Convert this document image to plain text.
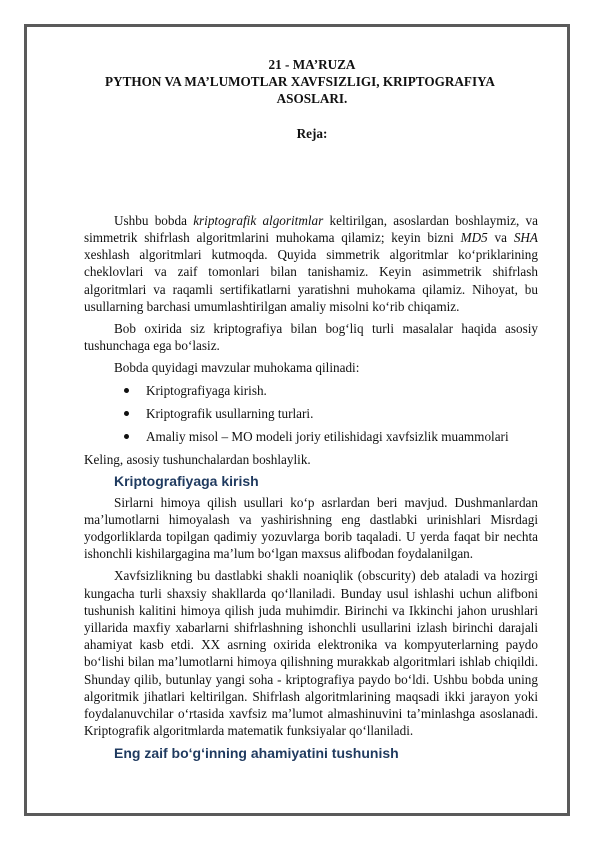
21 - MA’RUZA
PYTHON VA MA’LUMOTLAR XAVFSIZLIGI, KRIPTOGRAFIYA
ASOSLARI.
Reja:

Ushbu bobda kriptografik algoritmlar keltirilgan, asoslardan boshlaymiz, va simmetrik shifrlash algoritmlarini muhokama qilamiz; keyin bizni MD5 va SHA xeshlash algoritmlari kutmoqda. Quyida simmetrik algoritmlar ko‘priklarining cheklovlari va zaif tomonlari bilan tanishamiz. Keyin asimmetrik shifrlash algoritmlari va raqamli sertifikatlarni yaratishni muhokama qilamiz. Nihoyat, bu usullarning barchasi umumlashtirilgan amaliy misolni ko‘rib chiqamiz.

Bob oxirida siz kriptografiya bilan bog‘liq turli masalalar haqida asosiy tushunchaga ega bo‘lasiz.

Bobda quyidagi mavzular muhokama qilinadi:

Kriptografiyaga kirish.
Kriptografik usullarning turlari.
Amaliy misol – MO modeli joriy etilishidagi xavfsizlik muammolari

Keling, asosiy tushunchalardan boshlaylik.

Kriptografiyaga kirish

Sirlarni himoya qilish usullari ko‘p asrlardan beri mavjud. Dushmanlardan ma’lumotlarni himoyalash va yashirishning eng dastlabki urinishlari Misrdagi yodgorliklarda topilgan qadimiy yozuvlarga borib taqaladi. U yerda faqat bir nechta ishonchli kishilargagina ma’lum bo‘lgan maxsus alifbodan foydalanilgan.

Xavfsizlikning bu dastlabki shakli noaniqlik (obscurity) deb ataladi va hozirgi kungacha turli shaxsiy shakllarda qo‘llaniladi. Bunday usul ishlashi uchun alifboni tushunish kalitini himoya qilish juda muhimdir. Birinchi va Ikkinchi jahon urushlari yillarida maxfiy xabarlarni shifrlashning ishonchli usullarini izlash birinchi darajali ahamiyat kasb etdi. XX asrning oxirida elektronika va kompyuterlarning paydo bo‘lishi bilan ma’lumotlarni himoya qilishning murakkab algoritmlari ishlab chiqildi. Shunday qilib, butunlay yangi soha - kriptografiya paydo bo‘ldi. Ushbu bobda uning algoritmik jihatlari keltirilgan. Shifrlash algoritmlarining maqsadi ikki jarayon yoki foydalanuvchilar o‘rtasida xavfsiz ma’lumot almashinuvini ta’minlashga asoslanadi. Kriptografik algoritmlarda matematik funksiyalar qo‘llaniladi.

Eng zaif bo‘g‘inning ahamiyatini tushunish
